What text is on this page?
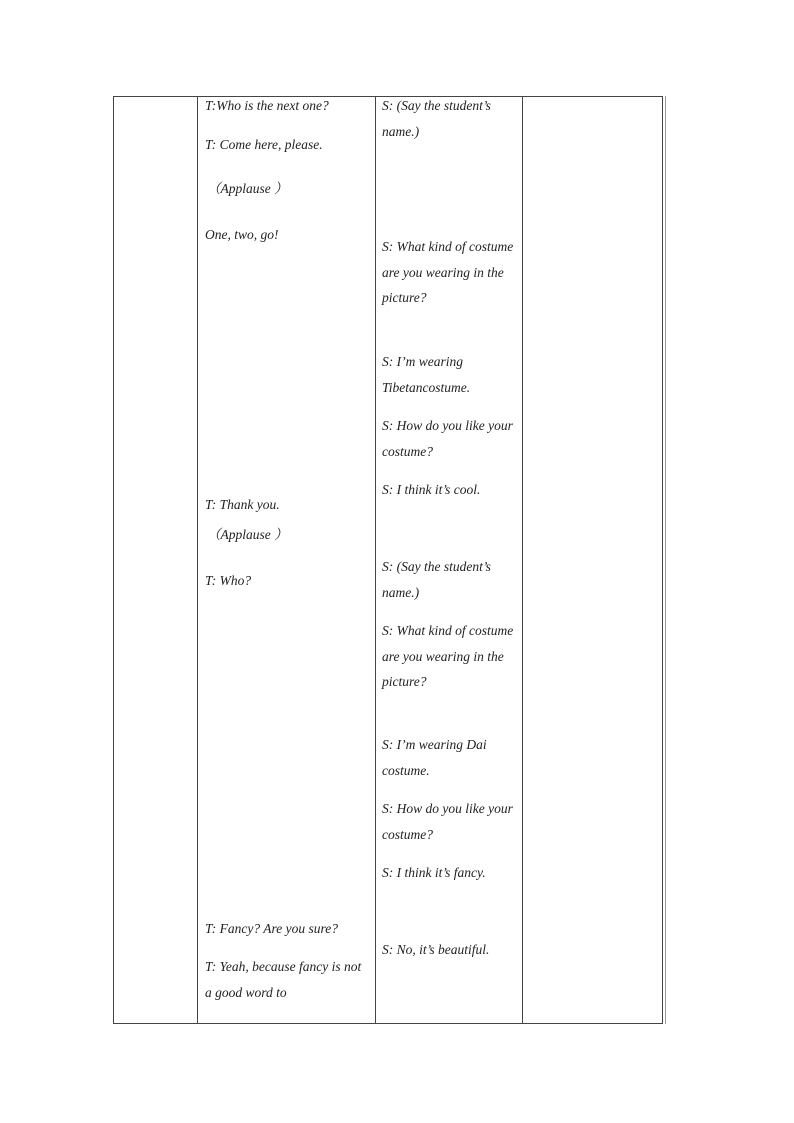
T:Who is the next one?
T: Come here, please.
（Applause ）
One, two, go!
T: Thank you.
（Applause ）
T: Who?
T: Fancy? Are you sure?
T: Yeah, because fancy is not a good word to
S: (Say the student’s name.)
S: What kind of costume are you wearing in the picture?
S: I’m wearing Tibetancostume.
S: How do you like your costume?
S: I think it’s cool.
S: (Say the student’s name.)
S: What kind of costume are you wearing in the picture?
S: I’m wearing Dai costume.
S: How do you like your costume?
S: I think it’s fancy.
S: No, it’s beautiful.
